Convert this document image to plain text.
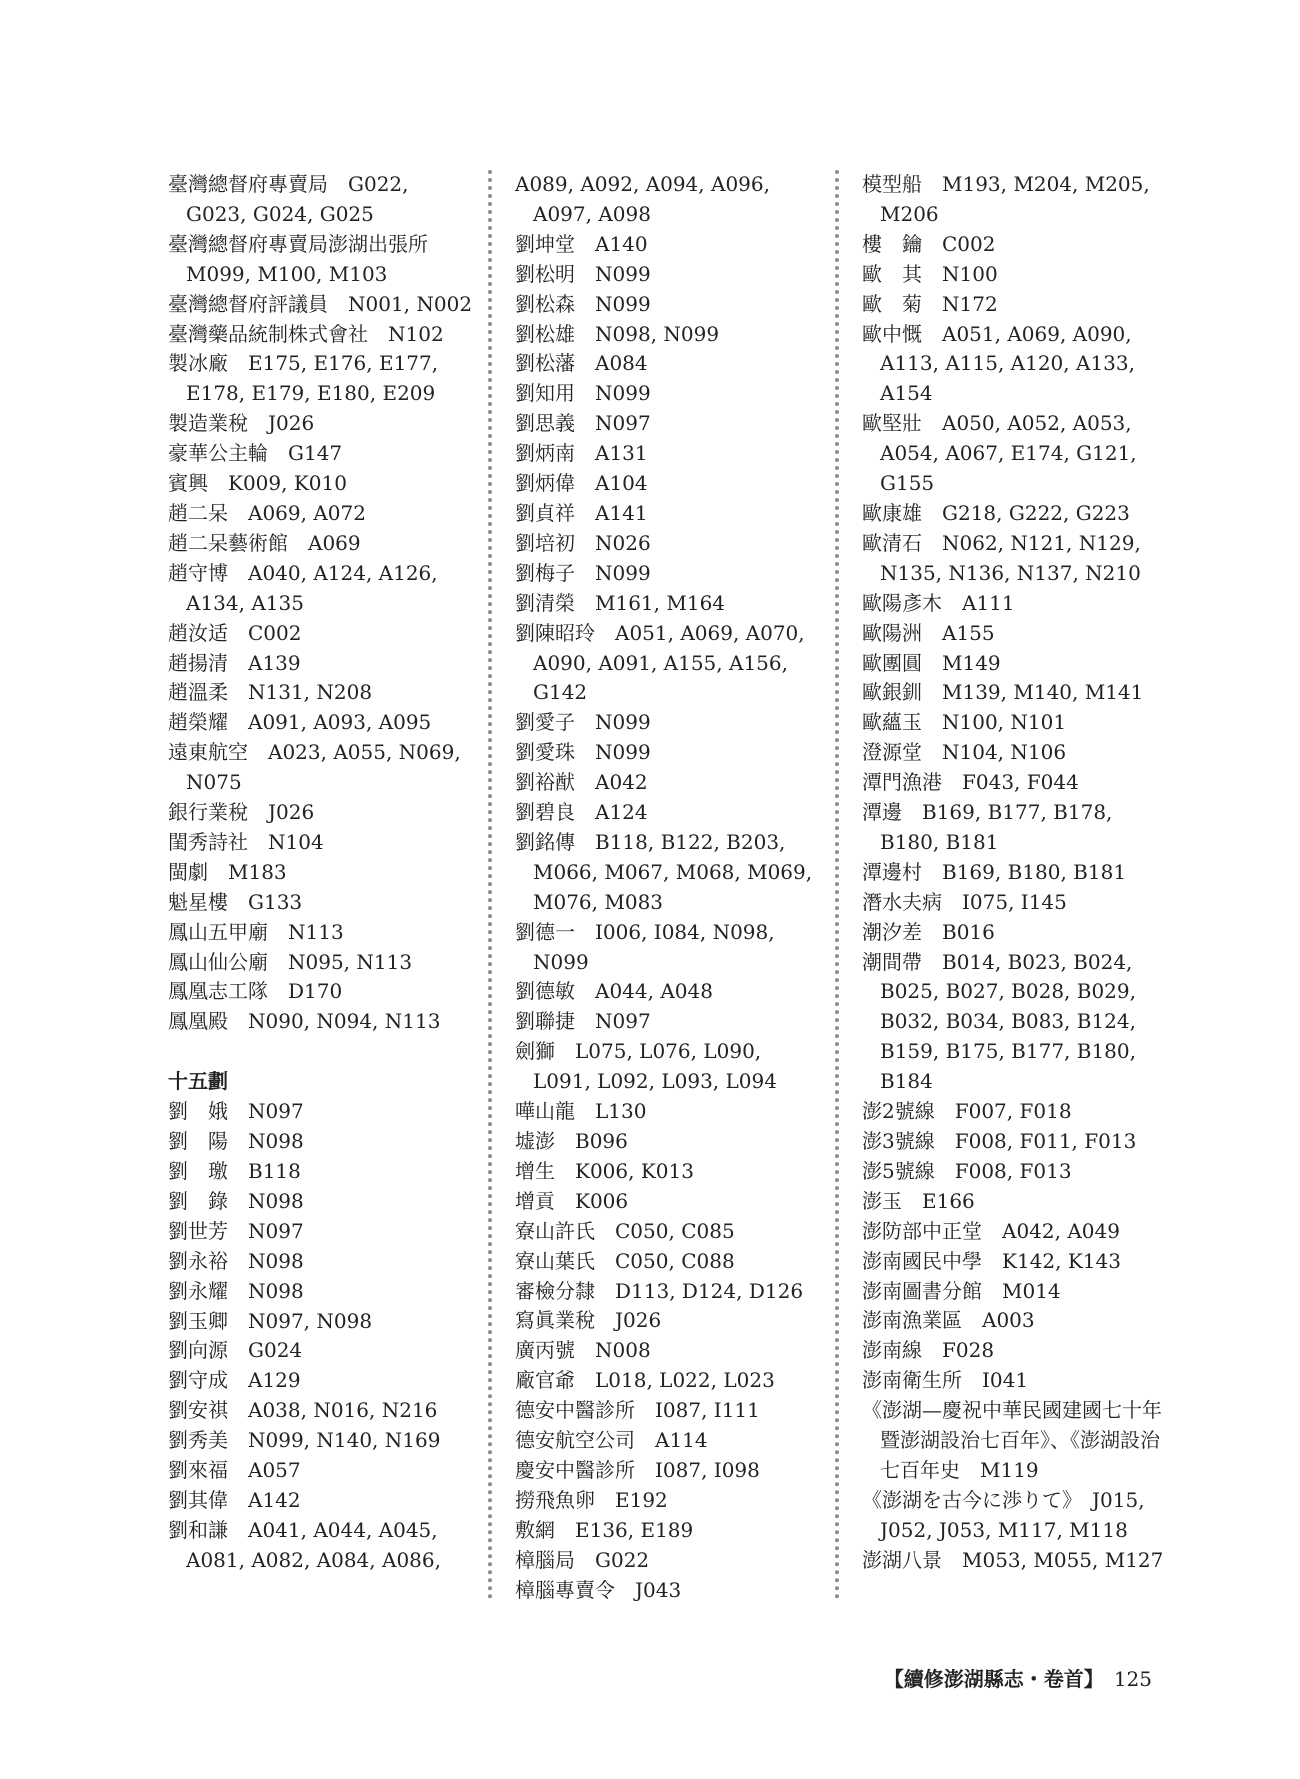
臺灣總督府專賣局　G022, G023, G024, G025
臺灣總督府專賣局澎湖出張所　M099, M100, M103
臺灣總督府評議員　N001, N002
臺灣藥品統制株式會社　N102
製冰廠　E175, E176, E177, E178, E179, E180, E209
製造業稅　J026
豪華公主輪　G147
賓興　K009, K010
趙二呆　A069, A072
趙二呆藝術館　A069
趙守博　A040, A124, A126, A134, A135
趙汝适　C002
趙揚清　A139
趙溫柔　N131, N208
趙榮耀　A091, A093, A095
遠東航空　A023, A055, N069, N075
銀行業稅　J026
閨秀詩社　N104
閩劇　M183
魁星樓　G133
鳳山五甲廟　N113
鳳山仙公廟　N095, N113
鳳凰志工隊　D170
鳳凰殿　N090, N094, N113
十五劃
劉　娥　N097
劉　陽　N098
劉　璬　B118
劉　錄　N098
劉世芳　N097
劉永裕　N098
劉永耀　N098
劉玉卿　N097, N098
劉向源　G024
劉守成　A129
劉安祺　A038, N016, N216
劉秀美　N099, N140, N169
劉來福　A057
劉其偉　A142
劉和謙　A041, A044, A045, A081, A082, A084, A086,
A089, A092, A094, A096, A097, A098
劉坤堂　A140
劉松明　N099
劉松森　N099
劉松雄　N098, N099
劉松藩　A084
劉知用　N099
劉思義　N097
劉炳南　A131
劉炳偉　A104
劉貞祥　A141
劉培初　N026
劉梅子　N099
劉清榮　M161, M164
劉陳昭玲　A051, A069, A070, A090, A091, A155, A156, G142
劉愛子　N099
劉愛珠　N099
劉裕猷　A042
劉碧良　A124
劉銘傳　B118, B122, B203, M066, M067, M068, M069, M076, M083
劉德一　I006, I084, N098, N099
劉德敏　A044, A048
劉聯捷　N097
劍獅　L075, L076, L090, L091, L092, L093, L094
嘩山龍　L130
墟澎　B096
增生　K006, K013
增貢　K006
寮山許氏　C050, C085
寮山葉氏　C050, C088
審檢分隸　D113, D124, D126
寫眞業稅　J026
廣丙號　N008
廠官爺　L018, L022, L023
德安中醫診所　I087, I111
德安航空公司　A114
慶安中醫診所　I087, I098
撈飛魚卵　E192
敷網　E136, E189
樟腦局　G022
樟腦專賣令　J043
模型船　M193, M204, M205, M206
樓　鑰　C002
歐　其　N100
歐　菊　N172
歐中慨　A051, A069, A090, A113, A115, A120, A133, A154
歐堅壯　A050, A052, A053, A054, A067, E174, G121, G155
歐康雄　G218, G222, G223
歐清石　N062, N121, N129, N135, N136, N137, N210
歐陽彥木　A111
歐陽洲　A155
歐團圓　M149
歐銀釧　M139, M140, M141
歐蘊玉　N100, N101
澄源堂　N104, N106
潭門漁港　F043, F044
潭邊　B169, B177, B178, B180, B181
潭邊村　B169, B180, B181
潛水夫病　I075, I145
潮汐差　B016
潮間帶　B014, B023, B024, B025, B027, B028, B029, B032, B034, B083, B124, B159, B175, B177, B180, B184
澎2號線　F007, F018
澎3號線　F008, F011, F013
澎5號線　F008, F013
澎玉　E166
澎防部中正堂　A042, A049
澎南國民中學　K142, K143
澎南圖書分館　M014
澎南漁業區　A003
澎南線　F028
澎南衛生所　I041
《澎湖—慶祝中華民國建國七十年暨澎湖設治七百年》、《澎湖設治七百年史　M119
《澎湖を古今に渉りて》　J015, J052, J053, M117, M118
澎湖八景　M053, M055, M127
【續修澎湖縣志・卷首】 125
